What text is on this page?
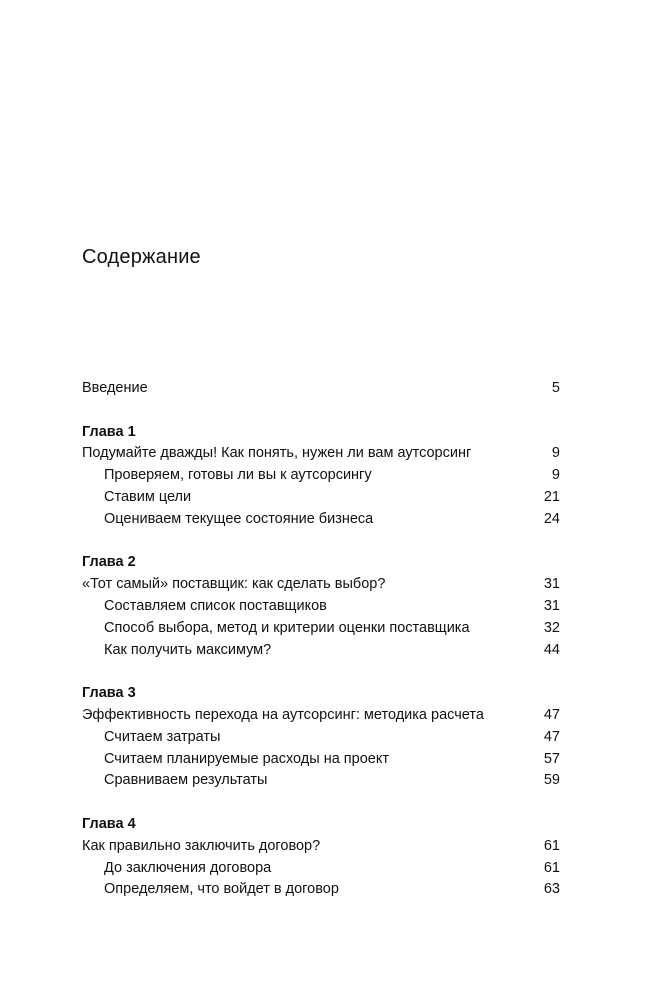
Содержание
Введение	5
Глава 1
Подумайте дважды! Как понять, нужен ли вам аутсорсинг	9
Проверяем, готовы ли вы к аутсорсингу	9
Ставим цели	21
Оцениваем текущее состояние бизнеса	24
Глава 2
«Тот самый» поставщик: как сделать выбор?	31
Составляем список поставщиков	31
Способ выбора, метод и критерии оценки поставщика	32
Как получить максимум?	44
Глава 3
Эффективность перехода на аутсорсинг: методика расчета	47
Считаем затраты	47
Считаем планируемые расходы на проект	57
Сравниваем результаты	59
Глава 4
Как правильно заключить договор?	61
До заключения договора	61
Определяем, что войдет в договор	63
